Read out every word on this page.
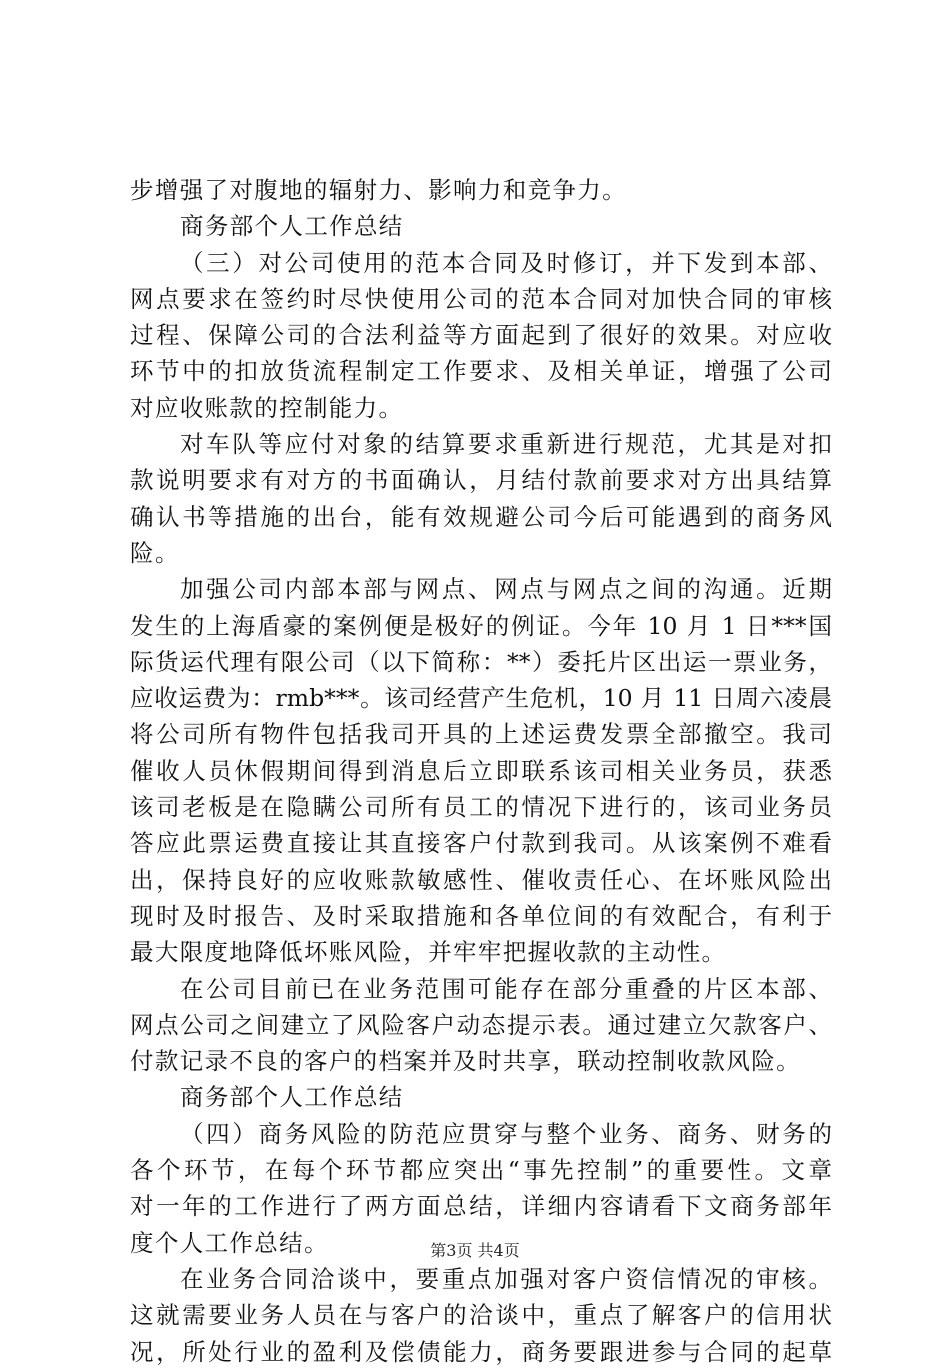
步增强了对腹地的辐射力、影响力和竞争力。
商务部个人工作总结
（三）对公司使用的范本合同及时修订，并下发到本部、
网点要求在签约时尽快使用公司的范本合同对加快合同的审核
过程、保障公司的合法利益等方面起到了很好的效果。对应收
环节中的扣放货流程制定工作要求、及相关单证，增强了公司
对应收账款的控制能力。
对车队等应付对象的结算要求重新进行规范，尤其是对扣
款说明要求有对方的书面确认，月结付款前要求对方出具结算
确认书等措施的出台，能有效规避公司今后可能遇到的商务风
险。
加强公司内部本部与网点、网点与网点之间的沟通。近期
发生的上海盾豪的案例便是极好的例证。今年 10 月 1 日***国
际货运代理有限公司（以下简称：**）委托片区出运一票业务，
应收运费为：rmb***。该司经营产生危机，10 月 11 日周六凌晨
将公司所有物件包括我司开具的上述运费发票全部撤空。我司
催收人员休假期间得到消息后立即联系该司相关业务员，获悉
该司老板是在隐瞒公司所有员工的情况下进行的，该司业务员
答应此票运费直接让其直接客户付款到我司。从该案例不难看
出，保持良好的应收账款敏感性、催收责任心、在坏账风险出
现时及时报告、及时采取措施和各单位间的有效配合，有利于
最大限度地降低坏账风险，并牢牢把握收款的主动性。
在公司目前已在业务范围可能存在部分重叠的片区本部、
网点公司之间建立了风险客户动态提示表。通过建立欠款客户、
付款记录不良的客户的档案并及时共享，联动控制收款风险。
商务部个人工作总结
（四）商务风险的防范应贯穿与整个业务、商务、财务的
各个环节，在每个环节都应突出“事先控制”的重要性。文章
对一年的工作进行了两方面总结，详细内容请看下文商务部年
度个人工作总结。
在业务合同洽谈中，要重点加强对客户资信情况的审核。
这就需要业务人员在与客户的洽谈中，重点了解客户的信用状
况，所处行业的盈利及偿债能力，商务要跟进参与合同的起草
第3页 共4页
